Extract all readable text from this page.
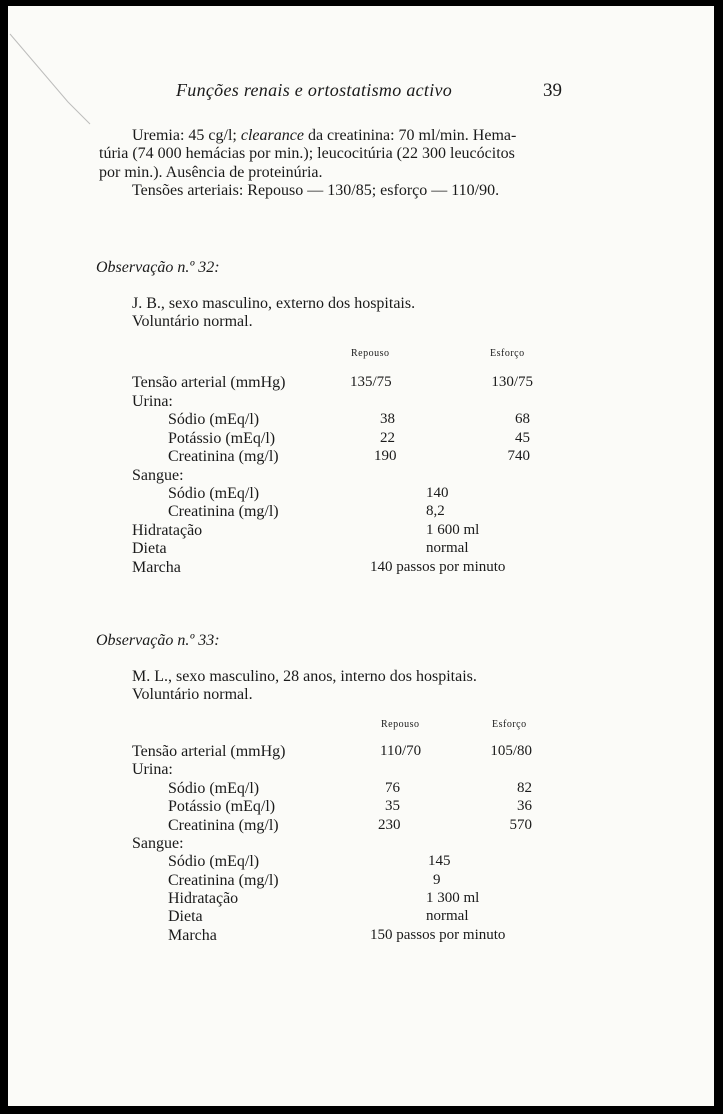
Funções renais e ortostatismo activo	39
Uremia: 45 cg/l; clearance da creatinina: 70 ml/min. Hema-
túria (74 000 hemácias por min.); leucocitúria (22 300 leucócitos
por min.). Ausência de proteinúria.
Tensões arteriais: Repouso — 130/85; esforço — 110/90.
Observação n.º 32:
J. B., sexo masculino, externo dos hospitais.
Voluntário normal.
Repouso	Esforço
Tensão arterial (mmHg)	135/75	130/75
Urina:
Sódio (mEq/l)	38	68
Potássio (mEq/l)	22	45
Creatinina (mg/l)	190	740
Sangue:
Sódio (mEq/l)	140
Creatinina (mg/l)	8,2
Hidratação	1 600 ml
Dieta	normal
Marcha	140 passos por minuto
Observação n.º 33:
M. L., sexo masculino, 28 anos, interno dos hospitais.
Voluntário normal.
Repouso	Esforço
Tensão arterial (mmHg)	110/70	105/80
Urina:
Sódio (mEq/l)	76	82
Potássio (mEq/l)	35	36
Creatinina (mg/l)	230	570
Sangue:
Sódio (mEq/l)	145
Creatinina (mg/l)	9
Hidratação	1 300 ml
Dieta	normal
Marcha	150 passos por minuto
